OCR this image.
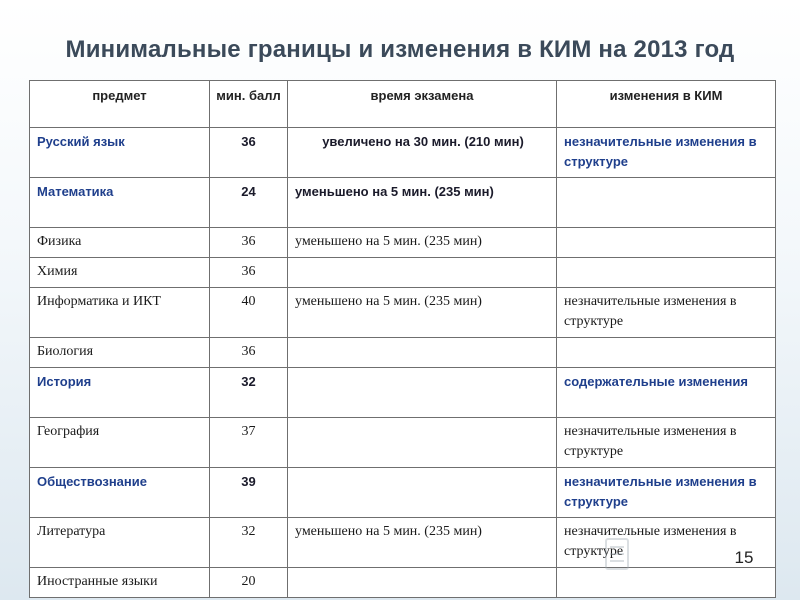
Минимальные границы и изменения в КИМ на 2013 год
предмет	мин. балл	время экзамена	изменения в КИМ
Русский язык	36	увеличено на 30 мин. (210 мин)	незначительные изменения в структуре
Математика	24	уменьшено на 5 мин. (235 мин)	
Физика	36	уменьшено на 5 мин. (235 мин)	
Химия	36		
Информатика и ИКТ	40	уменьшено на 5 мин. (235 мин)	незначительные изменения в структуре
Биология	36		
История	32		содержательные изменения
География	37		незначительные изменения в структуре
Обществознание	39		незначительные изменения в структуре
Литература	32	уменьшено на 5 мин. (235 мин)	незначительные изменения в структуре
Иностранные языки	20		
15
